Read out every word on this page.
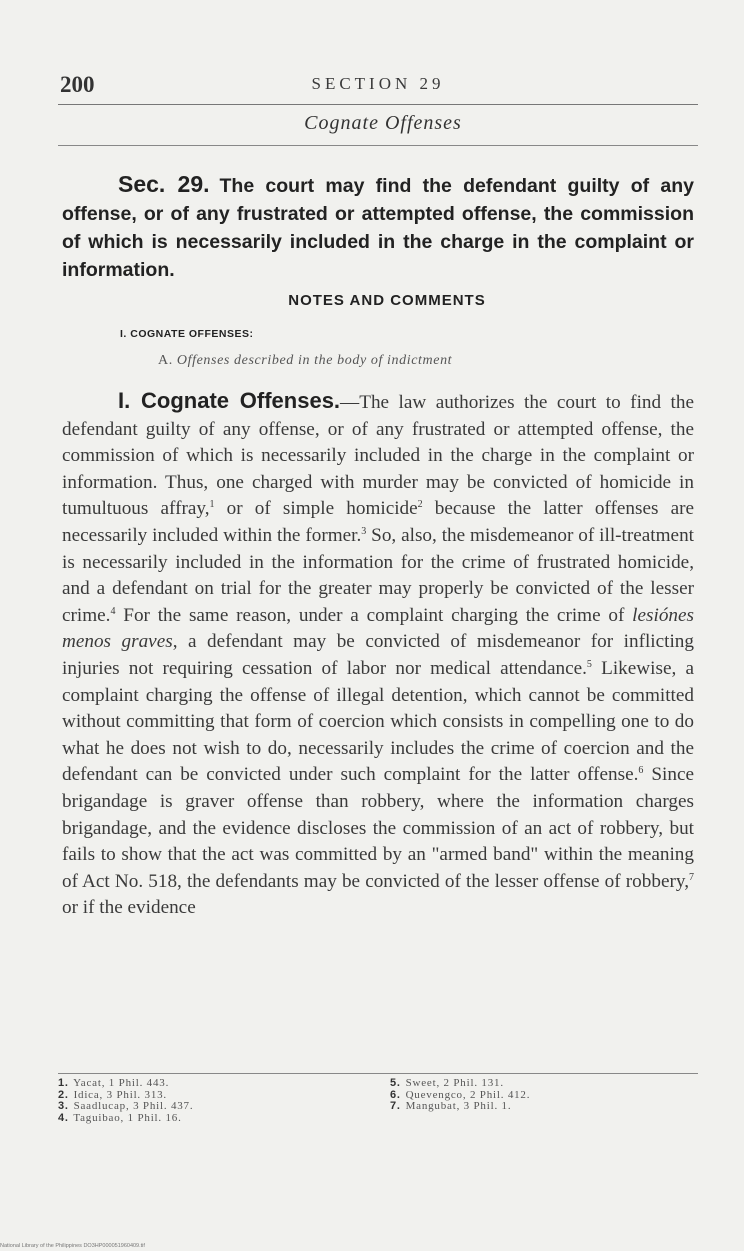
200	SECTION 29
Cognate Offenses
Sec. 29. The court may find the defendant guilty of any offense, or of any frustrated or attempted offense, the commission of which is necessarily included in the charge in the complaint or information.
NOTES AND COMMENTS
I. COGNATE OFFENSES:
A. Offenses described in the body of indictment
I. Cognate Offenses.—The law authorizes the court to find the defendant guilty of any offense, or of any frustrated or attempted offense, the commission of which is necessarily included in the charge in the complaint or information. Thus, one charged with murder may be convicted of homicide in tumultuous affray,$^1$ or of simple homicide$^2$ because the latter offenses are necessarily included within the former.$^3$ So, also, the misdemeanor of ill-treatment is necessarily included in the information for the crime of frustrated homicide, and a defendant on trial for the greater may properly be convicted of the lesser crime.$^4$ For the same reason, under a complaint charging the crime of lesiónes menos graves, a defendant may be convicted of misdemeanor for inflicting injuries not requiring cessation of labor nor medical attendance.$^5$ Likewise, a complaint charging the offense of illegal detention, which cannot be committed without committing that form of coercion which consists in compelling one to do what he does not wish to do, necessarily includes the crime of coercion and the defendant can be convicted under such complaint for the latter offense.$^6$ Since brigandage is graver offense than robbery, where the information charges brigandage, and the evidence discloses the commission of an act of robbery, but fails to show that the act was committed by an "armed band" within the meaning of Act No. 518, the defendants may be convicted of the lesser offense of robbery,$^7$ or if the evidence
1. Yacat, 1 Phil. 443.
2. Idica, 3 Phil. 313.
3. Saadlucap, 3 Phil. 437.
4. Taguibao, 1 Phil. 16.
5. Sweet, 2 Phil. 131.
6. Quevengco, 2 Phil. 412.
7. Mangubat, 3 Phil. 1.
National Library of the Philippines DO3HP000051960409.tif
